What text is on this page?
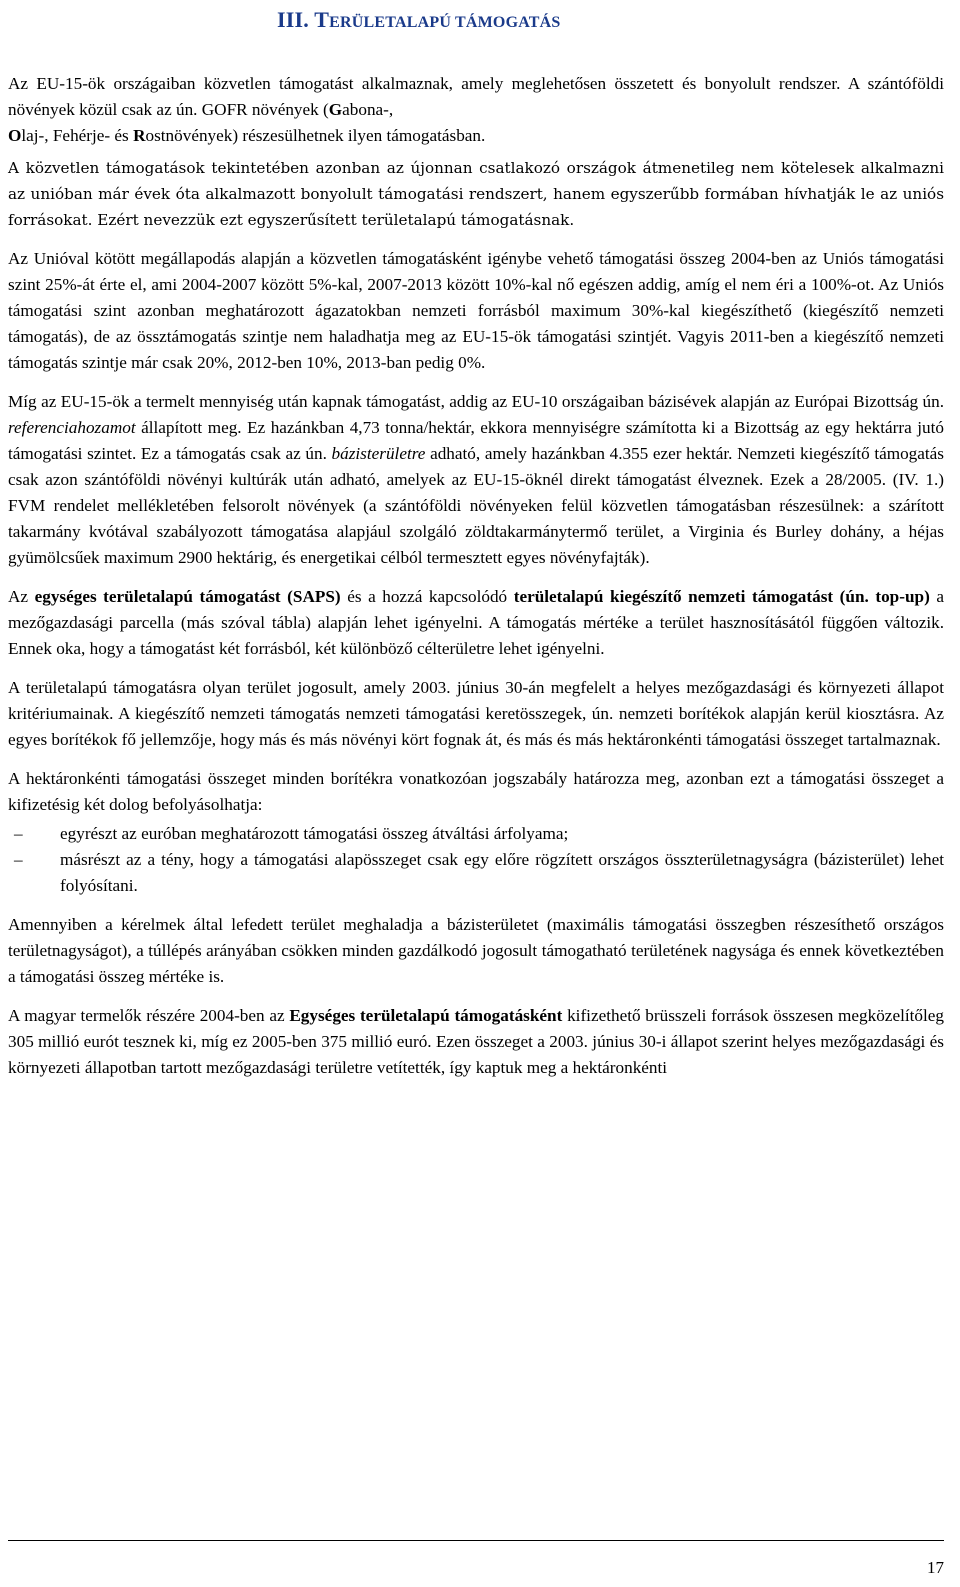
III. TERÜLETALAPÚ TÁMOGATÁS

Az EU-15-ök országaiban közvetlen támogatást alkalmaznak, amely meglehetősen összetett és bonyolult rendszer. A szántóföldi növények közül csak az ún. GOFR növények (Gabona-,
Olaj-, Fehérje- és Rostnövények) részesülhetnek ilyen támogatásban.

A közvetlen támogatások tekintetében azonban az újonnan csatlakozó országok átmenetileg nem kötelesek alkalmazni az unióban már évek óta alkalmazott bonyolult támogatási rendszert, hanem egyszerűbb formában hívhatják le az uniós forrásokat. Ezért nevezzük ezt egyszerűsített területalapú támogatásnak.

Az Unióval kötött megállapodás alapján a közvetlen támogatásként igénybe vehető támogatási összeg 2004-ben az Uniós támogatási szint 25%-át érte el, ami 2004-2007 között 5%-kal, 2007-2013 között 10%-kal nő egészen addig, amíg el nem éri a 100%-ot. Az Uniós támogatási szint azonban meghatározott ágazatokban nemzeti forrásból maximum 30%-kal kiegészíthető (kiegészítő nemzeti támogatás), de az össztámogatás szintje nem haladhatja meg az EU-15-ök támogatási szintjét. Vagyis 2011-ben a kiegészítő nemzeti támogatás szintje már csak 20%, 2012-ben 10%, 2013-ban pedig 0%.

Míg az EU-15-ök a termelt mennyiség után kapnak támogatást, addig az EU-10 országaiban bázisévek alapján az Európai Bizottság ún. referenciahozamot állapított meg. Ez hazánkban 4,73 tonna/hektár, ekkora mennyiségre számította ki a Bizottság az egy hektárra jutó támogatási szintet. Ez a támogatás csak az ún. bázisterületre adható, amely hazánkban 4.355 ezer hektár. Nemzeti kiegészítő támogatás csak azon szántóföldi növényi kultúrák után adható, amelyek az EU-15-öknél direkt támogatást élveznek. Ezek a 28/2005. (IV. 1.) FVM rendelet mellékletében felsorolt növények (a szántóföldi növényeken felül közvetlen támogatásban részesülnek: a szárított takarmány kvótával szabályozott támogatása alapjául szolgáló zöldtakarmánytermő terület, a Virginia és Burley dohány, a héjas gyümölcsűek maximum 2900 hektárig, és energetikai célból termesztett egyes növényfajták).

Az egységes területalapú támogatást (SAPS) és a hozzá kapcsolódó területalapú kiegészítő nemzeti támogatást (ún. top-up) a mezőgazdasági parcella (más szóval tábla) alapján lehet igényelni. A támogatás mértéke a terület hasznosításától függően változik. Ennek oka, hogy a támogatást két forrásból, két különböző célterületre lehet igényelni.

A területalapú támogatásra olyan terület jogosult, amely 2003. június 30-án megfelelt a helyes mezőgazdasági és környezeti állapot kritériumainak. A kiegészítő nemzeti támogatás nemzeti támogatási keretösszegek, ún. nemzeti borítékok alapján kerül kiosztásra. Az egyes borítékok fő jellemzője, hogy más és más növényi kört fognak át, és más és más hektáronkénti támogatási összeget tartalmaznak.

A hektáronkénti támogatási összeget minden borítékra vonatkozóan jogszabály határozza meg, azonban ezt a támogatási összeget a kifizetésig két dolog befolyásolhatja:

– egyrészt az euróban meghatározott támogatási összeg átváltási árfolyama;
– másrészt az a tény, hogy a támogatási alapösszeget csak egy előre rögzített országos összterületnagyságra (bázisterület) lehet folyósítani.

Amennyiben a kérelmek által lefedett terület meghaladja a bázisterületet (maximális támogatási összegben részesíthető országos területnagyságot), a túllépés arányában csökken minden gazdálkodó jogosult támogatható területének nagysága és ennek következtében a támogatási összeg mértéke is.

A magyar termelők részére 2004-ben az Egységes területalapú támogatásként kifizethető brüsszeli források összesen megközelítőleg 305 millió eurót tesznek ki, míg ez 2005-ben 375 millió euró. Ezen összeget a 2003. június 30-i állapot szerint helyes mezőgazdasági és környezeti állapotban tartott mezőgazdasági területre vetítették, így kaptuk meg a hektáronkénti

17
